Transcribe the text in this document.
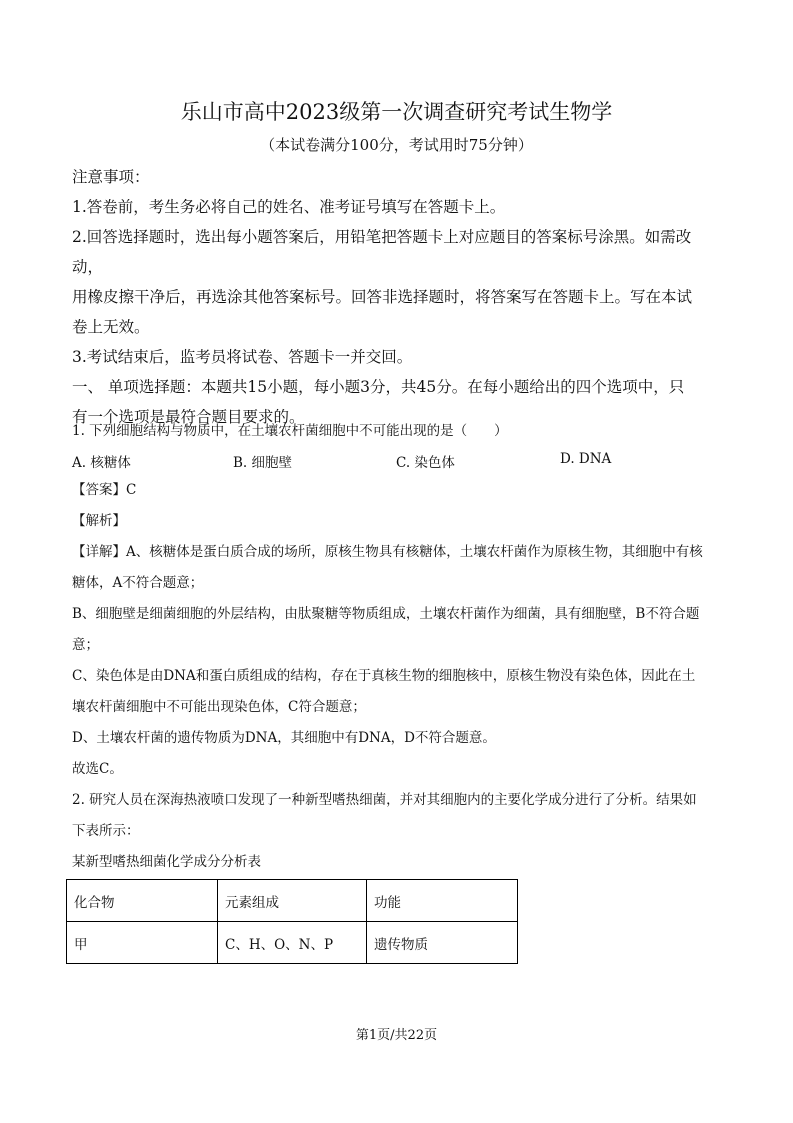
乐山市高中2023级第一次调查研究考试生物学
（本试卷满分100分，考试用时75分钟）
注意事项：
1.答卷前，考生务必将自己的姓名、准考证号填写在答题卡上。
2.回答选择题时，选出每小题答案后，用铅笔把答题卡上对应题目的答案标号涂黑。如需改动，
用橡皮擦干净后，再选涂其他答案标号。回答非选择题时，将答案写在答题卡上。写在本试
卷上无效。
3.考试结束后，监考员将试卷、答题卡一并交回。
一、 单项选择题：本题共15小题，每小题3分，共45分。在每小题给出的四个选项中，只
有一个选项是最符合题目要求的。
1. 下列细胞结构与物质中，在土壤农杆菌细胞中不可能出现的是（　　）
A. 核糖体	B. 细胞壁	C. 染色体	D. DNA
【答案】C
【解析】
【详解】A、核糖体是蛋白质合成的场所，原核生物具有核糖体，土壤农杆菌作为原核生物，其细胞中有核
糖体，A不符合题意；
B、细胞壁是细菌细胞的外层结构，由肽聚糖等物质组成，土壤农杆菌作为细菌，具有细胞壁，B不符合题
意；
C、染色体是由DNA和蛋白质组成的结构，存在于真核生物的细胞核中，原核生物没有染色体，因此在土
壤农杆菌细胞中不可能出现染色体，C符合题意；
D、土壤农杆菌的遗传物质为DNA，其细胞中有DNA，D不符合题意。
故选C。
2. 研究人员在深海热液喷口发现了一种新型嗜热细菌，并对其细胞内的主要化学成分进行了分析。结果如
下表所示：
某新型嗜热细菌化学成分分析表
化合物	元素组成	功能
甲	C、H、O、N、P	遗传物质
第1页/共22页
